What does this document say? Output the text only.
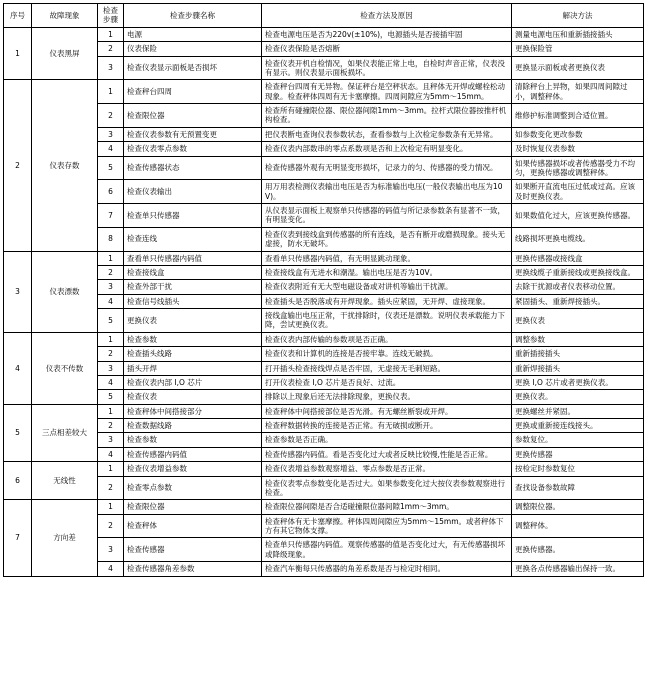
序号	故障现象	检查步骤	检查步骤名称	检查方法及原因	解决方法
1	仪表黑屏	1	电源	检查电源电压是否为220v(±10%)，电源插头是否接插牢固	测量电源电压和重新插接插头
		2	仪表保险	检查仪表保险是否熔断	更换保险管
		3	检查仪表显示面板是否损坏	检查仪表开机自检情况，如果仪表能正常上电，自检时声音正常，仪表没有显示。则仪表显示面板损坏。	更换显示面板或者更换仪表
2	仪表存数	1	检查秤台四周	检查秤台四周有无异物。保证秤台是空秤状态。且秤体无开焊或螺栓松动现象。检查秤体四周有无卡塞摩擦。四周间隙应为5mm～15mm。	清除秤台上异物，如果四周间隙过小，调整秤体。
		2	检查限位器	检查所有碰撞限位器、限位器间隙1mm～3mm。拉杆式限位器按推杆机构检查。	维修护标准调整到合适位置。
		3	检查仪表参数有无预置变更	把仪表断电查询仪表参数状态，查看参数与上次检定参数条有无异常。	如参数变化更改参数
		4	检查仪表零点参数	检查仪表内部数串的零点系数项是否和上次检定有明显变化。	及时恢复仪表参数
		5	检查传感器状态	检查传感器外观有无明显变形损坏，记录力的匀、传感器的受力情况。	如果传感器损坏或者传感器受力不均匀，更换传感器或调整秤体。
		6	检查仪表输出	用万用表检测仪表输出电压是否为标准输出电压(一般仪表输出电压为10V)。	如果断开直流电压过低或过高。应该及时更换仪表。
		7	检查单只传感器	从仪表显示面板上观察单只传感器的码值与所记录参数条有显著不一致，有明显变化。	如果数值化过大，应该更换传感器。
		8	检查连线	检查仪表到接线盒到传感器的所有连线，是否有断开或磨损现象。接头无虚接，防水无破坏。	线路损坏更换电缆线。
3	仪表漂数	1	查看单只传感器内码值	查看单只传感器内码值，有无明显跳动现象。	更换传感器或接线盒
		2	检查接线盒	检查接线盒有无进水和潮湿。输出电压是否为10V。	更换线缆子重新接线或更换接线盒。
		3	检查外部干扰	检查仪表附近有无大型电磁设备或对讲机等输出干扰源。	去除干扰源或者仪表移动位置。
		4	检查信号线插头	检查插头是否脱落或有开焊现象。插头应紧固，无开焊、虚接现象。	紧固插头、重新焊接插头。
		5	更换仪表	接线盒输出电压正常，干扰排除时，仪表还是漂数。说明仪表承载能力下降，尝试更换仪表。	更换仪表
4	仪表不传数	1	检查参数	检查仪表内部传输的参数项是否正确。	调整参数
		2	检查插头线路	检查仪表和计算机的连接是否接牢靠。连线无破损。	重新插接插头
		3	插头开焊	打开插头检查接线焊点是否牢固，无虚接无毛刺短路。	重新焊接插头
		4	检查仪表内部 I,O 芯片	打开仪表检查 I,O 芯片是否良好、过流。	更换 I,O 芯片或者更换仪表。
		5	检查仪表	排除以上现象后还无法排除现象，更换仪表。	更换仪表。
5	三点相差较大	1	检查秤体中间搭接部分	检查秤体中间搭接部位是否光滑。有无螺丝断裂或开焊。	更换螺丝并紧固。
		2	检查数据线路	检查秤数据转换的连接是否正常。有无破损或断开。	更换或重新接连线接头。
		3	检查参数	检查参数是否正确。	参数复位。
		4	检查传感器内码值	检查传感器内码值。看是否变化过大或者反映比较慢,性能是否正常。	更换传感器
6	无线性	1	检查仪表增益参数	检查仪表增益参数观察增益、零点参数是否正常。	按检定时参数复位
		2	检查零点参数	检查仪表零点参数变化是否过大。如果参数变化过大按仪表参数观察进行检查。	查找设备参数故障
7	方向差	1	检查限位器	检查限位器间隙是否合适碰撞限位器间隙1mm～3mm。	调整限位器。
		2	检查秤体	检查秤体有无卡塞摩擦。秤体四周间隙应为5mm～15mm。或者秤体下方有其它物体支撑。	调整秤体。
		3	检查传感器	检查单只传感器内码值。观察传感器的值是否变化过大，有无传感器损坏或降级现象。	更换传感器。
		4	检查传感器角差参数	检查汽车衡每只传感器的角差系数是否与检定时相同。	更换各点传感器输出保持一致。
